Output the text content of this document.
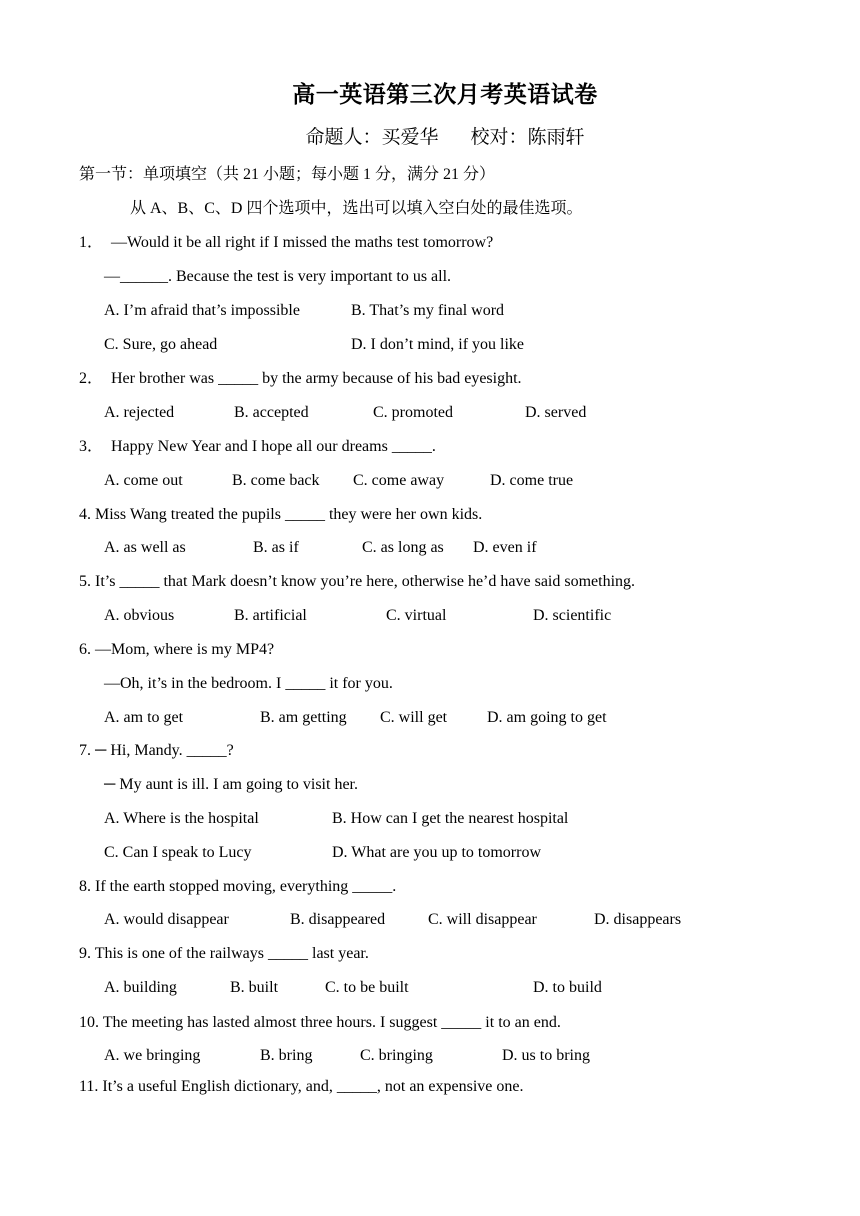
高一英语第三次月考英语试卷
命题人：买爱华 校对：陈雨轩
第一节：单项填空（共 21 小题；每小题 1 分，满分 21 分）
从 A、B、C、D 四个选项中，选出可以填入空白处的最佳选项。
1．　—Would it be all right if I missed the maths test tomorrow?
—______. Because the test is very important to us all.
A. I’m afraid that’s impossible	B. That’s my final word
C. Sure, go ahead	D. I don’t mind, if you like
2．　Her brother was _____ by the army because of his bad eyesight.
A. rejected	B. accepted	C. promoted	D. served
3．　Happy New Year and I hope all our dreams _____.
A. come out	B. come back C. come away	D. come true
4. Miss Wang treated the pupils _____ they were her own kids.
A. as well as	B. as if	C. as long as D. even if
5. It’s _____ that Mark doesn’t know you’re here, otherwise he’d have said something.
A. obvious	B. artificial	C. virtual	D. scientific
6. —Mom, where is my MP4?
—Oh, it’s in the bedroom. I _____ it for you.
A. am to get	B. am getting C. will get D. am going to get
7. ─ Hi, Mandy. _____?
─ My aunt is ill. I am going to visit her.
A. Where is the hospital	B. How can I get the nearest hospital
C. Can I speak to Lucy	D. What are you up to tomorrow
8. If the earth stopped moving, everything _____.
A. would disappear	B. disappeared	C. will disappear	D. disappears
9. This is one of the railways _____ last year.
A. building	B. built	C. to be built	D. to build
10. The meeting has lasted almost three hours. I suggest _____ it to an end.
A. we bringing	B. bring	C. bringing	D. us to bring
11. It’s a useful English dictionary, and, _____, not an expensive one.
